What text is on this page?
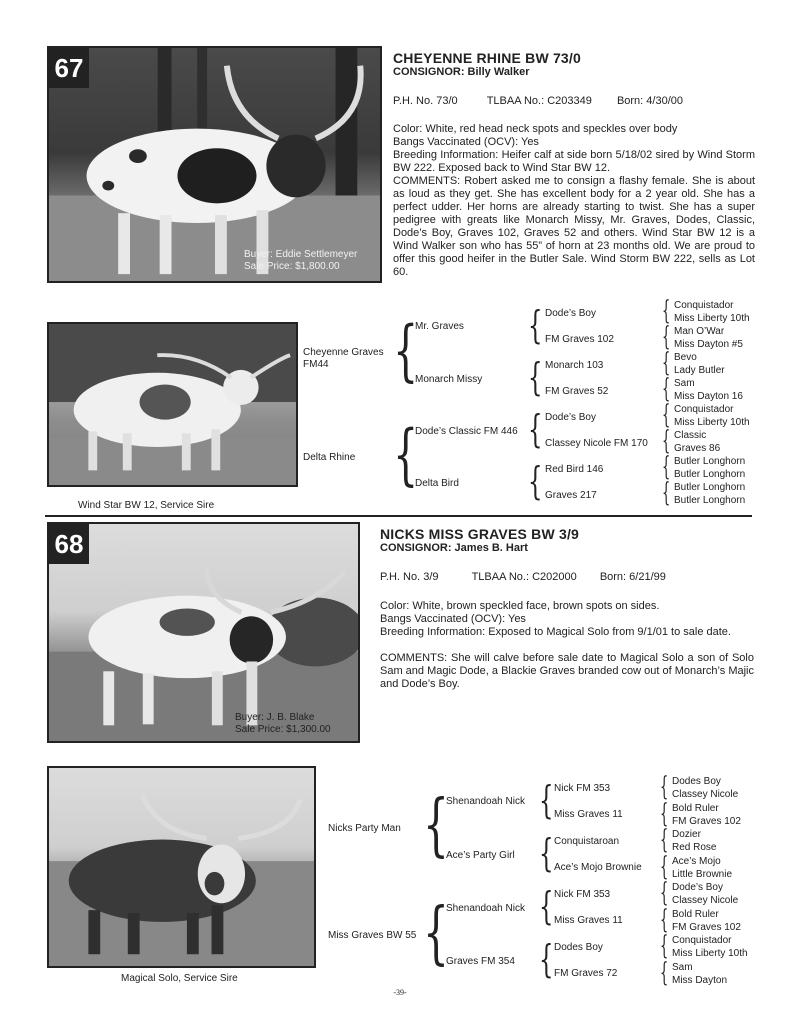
67
Buyer: Eddie Settlemeyer
Sale Price: $1,800.00
CHEYENNE RHINE BW 73/0
CONSIGNOR: Billy Walker
P.H. No. 73/0	TLBAA No.: C203349 Born: 4/30/00
Color: White, red head neck spots and speckles over body
Bangs Vaccinated (OCV): Yes
Breeding Information: Heifer calf at side born 5/18/02 sired by Wind Storm BW 222. Exposed back to Wind Star BW 12.
COMMENTS: Robert asked me to consign a flashy female. She is about as loud as they get. She has excellent body for a 2 year old. She has a perfect udder. Her horns are already starting to twist. She has a super pedigree with greats like Monarch Missy, Mr. Graves, Dodes, Classic, Dode’s Boy, Graves 102, Graves 52 and others. Wind Star BW 12 is a Wind Walker son who has 55” of horn at 23 months old. We are proud to offer this good heifer in the Butler Sale. Wind Storm BW 222, sells as Lot 60.
Wind Star BW 12, Service Sire
Cheyenne Graves FM44
Delta Rhine
{
{
Mr. Graves
Monarch Missy
Dode’s Classic FM 446
Delta Bird
{
{
{
{
Dode’s Boy
FM Graves 102
Monarch 103
FM Graves 52
Dode’s Boy
Classey Nicole FM 170
Red Bird 146
Graves 217
{
{
{
{
{
{
{
{
Conquistador
Miss Liberty 10th
Man O’War
Miss Dayton #5
Bevo
Lady Butler
Sam
Miss Dayton 16
Conquistador
Miss Liberty 10th
Classic
Graves 86
Butler Longhorn
Butler Longhorn
Butler Longhorn
Butler Longhorn
68
Buyer: J. B. Blake
Sale Price: $1,300.00
NICKS MISS GRAVES BW 3/9
CONSIGNOR: James B. Hart
P.H. No. 3/9	TLBAA No.: C202000 Born: 6/21/99
Color: White, brown speckled face, brown spots on sides.
Bangs Vaccinated (OCV): Yes
Breeding Information: Exposed to Magical Solo from 9/1/01 to sale date.
COMMENTS: She will calve before sale date to Magical Solo a son of Solo Sam and Magic Dode, a Blackie Graves branded cow out of Monarch’s Majic and Dode’s Boy.
Magical Solo, Service Sire
Nicks Party Man
Miss Graves BW 55
{
{
Shenandoah Nick
Ace’s Party Girl
Shenandoah Nick
Graves FM 354
{
{
{
{
Nick FM 353
Miss Graves 11
Conquistaroan
Ace’s Mojo Brownie
Nick FM 353
Miss Graves 11
Dodes Boy
FM Graves 72
{
{
{
{
{
{
{
{
Dodes Boy
Classey Nicole
Bold Ruler
FM Graves 102
Dozier
Red Rose
Ace’s Mojo
Little Brownie
Dode’s Boy
Classey Nicole
Bold Ruler
FM Graves 102
Conquistador
Miss Liberty 10th
Sam
Miss Dayton
-39-
